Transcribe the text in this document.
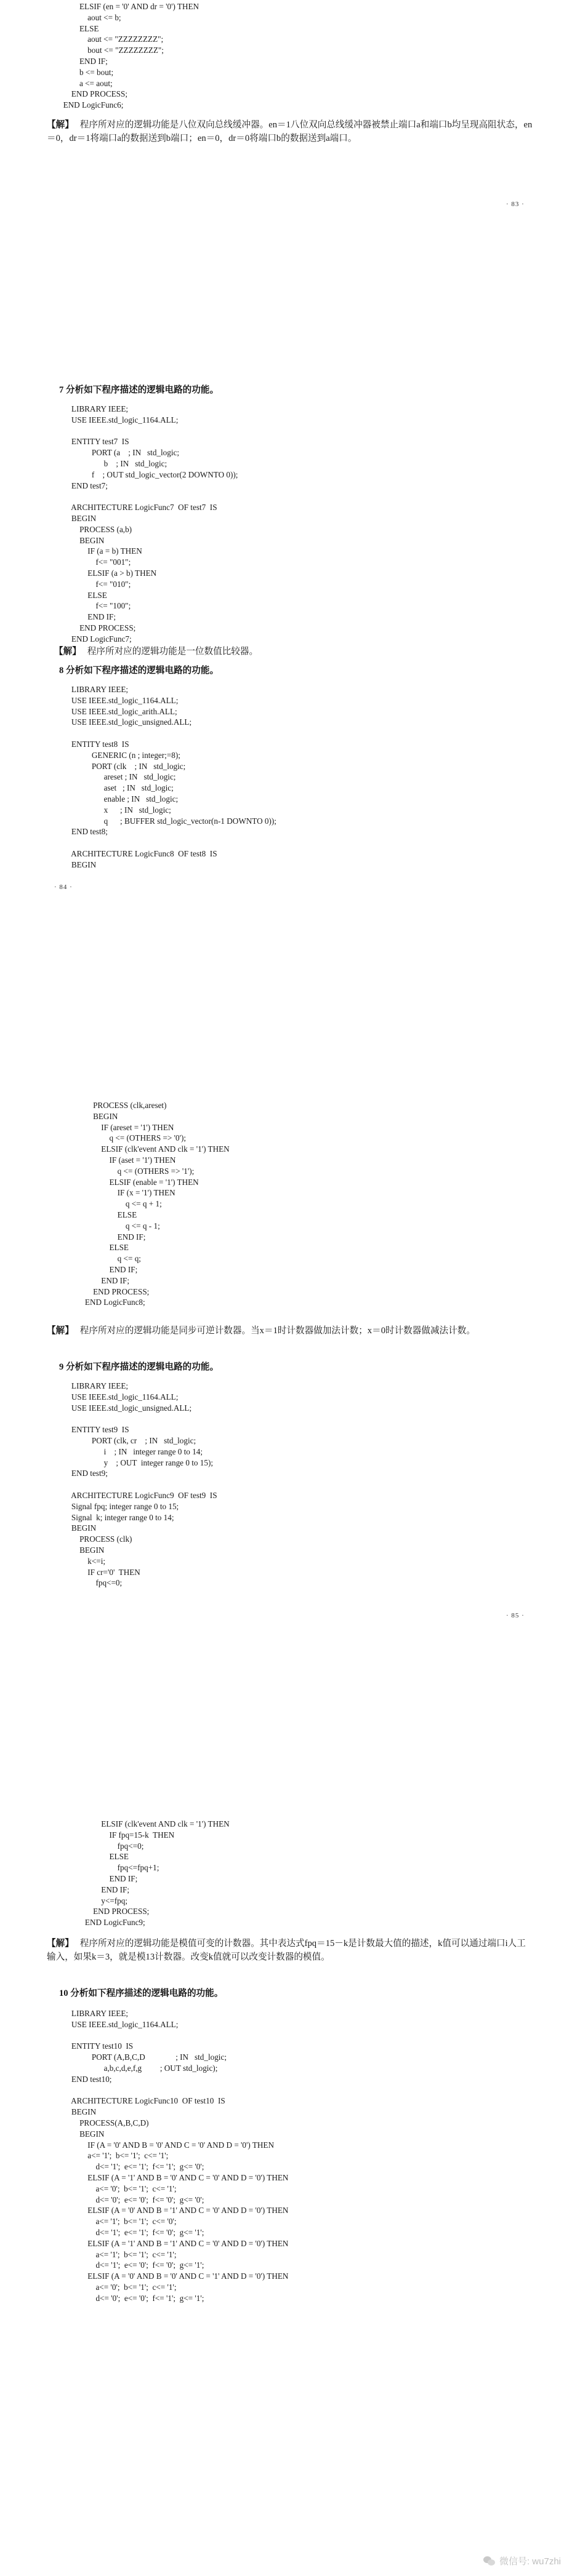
ELSIF (en = '0' AND dr = '0') THEN
aout <= b;
ELSE
aout <= "ZZZZZZZZ";
bout <= "ZZZZZZZZ";
END IF;
b <= bout;
a <= aout;
END PROCESS;
END LogicFunc6;
【解】 程序所对应的逻辑功能是八位双向总线缓冲器。en＝1八位双向总线缓冲器被禁止端口a和端口b均呈现高阻状态，en＝0，dr＝1将端口a的数据送到b端口；en＝0，dr＝0将端口b的数据送到a端口。
· 83 ·
7 分析如下程序描述的逻辑电路的功能。
LIBRARY IEEE;
USE IEEE.std_logic_1164.ALL;

ENTITY test7  IS
PORT (a    ; IN   std_logic;
b    ; IN   std_logic;
f    ; OUT std_logic_vector(2 DOWNTO 0));
END test7;

ARCHITECTURE LogicFunc7  OF test7  IS
BEGIN
PROCESS (a,b)
BEGIN
IF (a = b) THEN
f<= "001";
ELSIF (a > b) THEN
f<= "010";
ELSE
f<= "100";
END IF;
END PROCESS;
END LogicFunc7;
【解】 程序所对应的逻辑功能是一位数值比较器。
8 分析如下程序描述的逻辑电路的功能。
LIBRARY IEEE;
USE IEEE.std_logic_1164.ALL;
USE IEEE.std_logic_arith.ALL;
USE IEEE.std_logic_unsigned.ALL;

ENTITY test8  IS
GENERIC (n ; integer;=8);
PORT (clk    ; IN   std_logic;
areset ; IN   std_logic;
aset   ; IN   std_logic;
enable ; IN   std_logic;
x      ; IN   std_logic;
q      ; BUFFER std_logic_vector(n-1 DOWNTO 0));
END test8;

ARCHITECTURE LogicFunc8  OF test8  IS
BEGIN
· 84 ·
PROCESS (clk,areset)
BEGIN
IF (areset = '1') THEN
q <= (OTHERS => '0');
ELSIF (clk'event AND clk = '1') THEN
IF (aset = '1') THEN
q <= (OTHERS => '1');
ELSIF (enable = '1') THEN
IF (x = '1') THEN
q <= q + 1;
ELSE
q <= q - 1;
END IF;
ELSE
q <= q;
END IF;
END IF;
END PROCESS;
END LogicFunc8;
【解】 程序所对应的逻辑功能是同步可逆计数器。当x＝1时计数器做加法计数；x＝0时计数器做减法计数。
9 分析如下程序描述的逻辑电路的功能。
LIBRARY IEEE;
USE IEEE.std_logic_1164.ALL;
USE IEEE.std_logic_unsigned.ALL;

ENTITY test9  IS
PORT (clk, cr    ; IN   std_logic;
i    ; IN   integer range 0 to 14;
y    ; OUT  integer range 0 to 15);
END test9;

ARCHITECTURE LogicFunc9  OF test9  IS
Signal fpq; integer range 0 to 15;
Signal  k; integer range 0 to 14;
BEGIN
PROCESS (clk)
BEGIN
k<=i;
IF cr='0'  THEN
fpq<=0;
· 85 ·
ELSIF (clk'event AND clk = '1') THEN
IF fpq=15-k  THEN
fpq<=0;
ELSE
fpq<=fpq+1;
END IF;
END IF;
y<=fpq;
END PROCESS;
END LogicFunc9;
【解】 程序所对应的逻辑功能是模值可变的计数器。其中表达式fpq＝15－k是计数最大值的描述，k值可以通过端口i人工输入，如果k＝3，就是模13计数器。改变k值就可以改变计数器的模值。
10 分析如下程序描述的逻辑电路的功能。
LIBRARY IEEE;
USE IEEE.std_logic_1164.ALL;

ENTITY test10  IS
PORT (A,B,C,D               ; IN   std_logic;
a,b,c,d,e,f,g         ; OUT std_logic);
END test10;

ARCHITECTURE LogicFunc10  OF test10  IS
BEGIN
PROCESS(A,B,C,D)
BEGIN
IF (A = '0' AND B = '0' AND C = '0' AND D = '0') THEN
a<= '1';  b<= '1';  c<= '1';
d<= '1';  e<= '1';  f<= '1';  g<= '0';
ELSIF (A = '1' AND B = '0' AND C = '0' AND D = '0') THEN
a<= '0';  b<= '1';  c<= '1';
d<= '0';  e<= '0';  f<= '0';  g<= '0';
ELSIF (A = '0' AND B = '1' AND C = '0' AND D = '0') THEN
a<= '1';  b<= '1';  c<= '0';
d<= '1';  e<= '1';  f<= '0';  g<= '1';
ELSIF (A = '1' AND B = '1' AND C = '0' AND D = '0') THEN
a<= '1';  b<= '1';  c<= '1';
d<= '1';  e<= '0';  f<= '0';  g<= '1';
ELSIF (A = '0' AND B = '0' AND C = '1' AND D = '0') THEN
a<= '0';  b<= '1';  c<= '1';
d<= '0';  e<= '0';  f<= '1';  g<= '1';
微信号: wu7zhi
